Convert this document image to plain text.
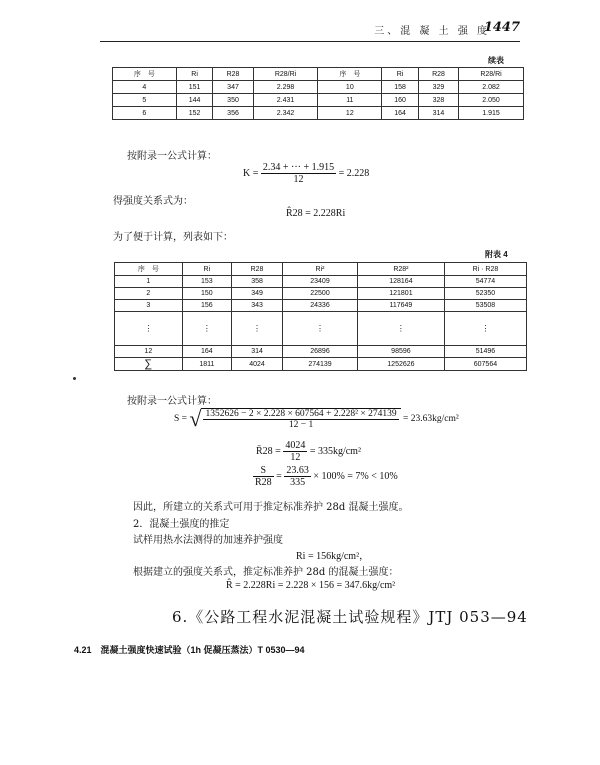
三、混 凝 土 强 度
1447
续表
序　号	Ri	R28	R28/Ri	序　号	Ri	R28	R28/Ri
4	151	347	2.298	10	158	329	2.082
5	144	350	2.431	11	160	328	2.050
6	152	356	2.342	12	164	314	1.915
按附录一公式计算：
$K = \frac{2.34 + \cdot\cdot\cdot + 1.915}{12} = 2.228$
得强度关系式为：
R̂28 = 2.228Ri
为了便于计算，列表如下：
附表 4
序　号	Ri	R28	Ri²	R28²	Ri · R28
1	153	358	23409	128164	54774
2	150	349	22500	121801	52350
3	156	343	24336	117649	53508
⋮	⋮	⋮	⋮	⋮	⋮
12	164	314	26896	98596	51496
∑	1811	4024	274139	1252626	607564
按附录一公式计算：
S = √ $\frac{\text{1352626 − 2 × 2.228 × 607564 + 2.228² × 274139}}{12 - 1} = 23.63kg/cm^2$
R̄28 = $\frac{4024}{12} = 335kg/cm^2$
$\frac{S}{R̄28} = \frac{23.63}{335} \times 100\% = 7\% < 10\%$
因此，所建立的关系式可用于推定标准养护 28d 混凝土强度。
2．混凝土强度的推定
试样用热水法测得的加速养护强度
Ri = 156kg/cm²，
根据建立的强度关系式，推定标准养护 28d 的混凝土强度：
R̂ = 2.228Ri = 2.228 × 156 = 347.6kg/cm²
6.《公路工程水泥混凝土试验规程》JTJ 053—94
4.21　混凝土强度快速试验（1h 促凝压蒸法）T 0530—94
